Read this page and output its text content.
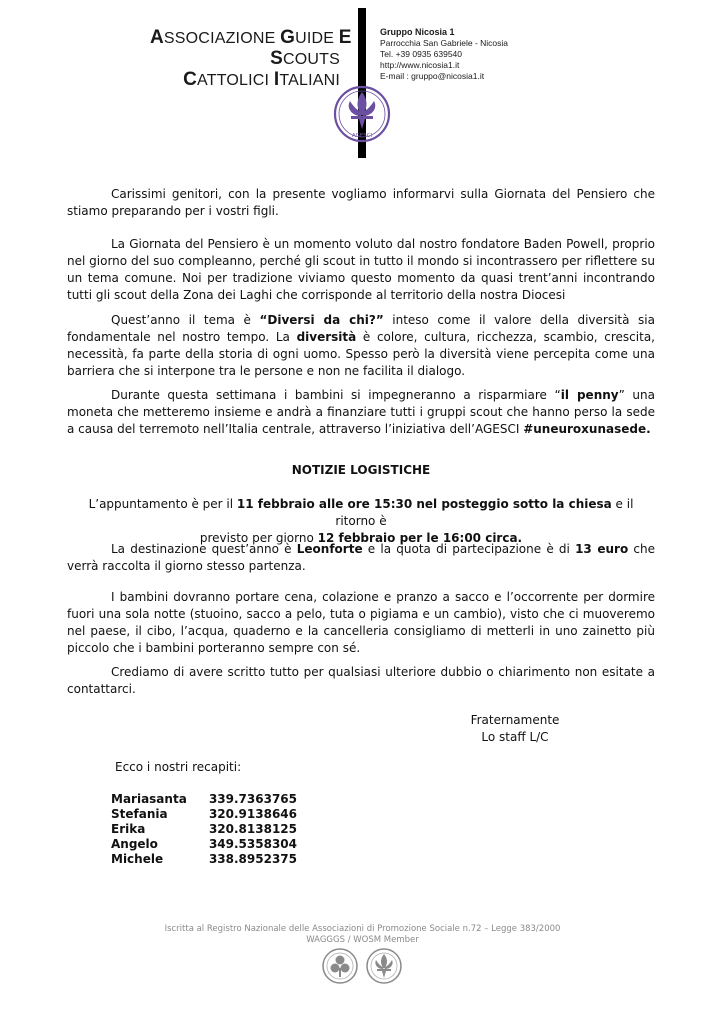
ASSOCIAZIONE GUIDE E
SCOUTS
CATTOLICI ITALIANI
Gruppo Nicosia 1
Parrocchia San Gabriele - Nicosia
Tel. +39 0935 639540
http://www.nicosia1.it
E-mail : gruppo@nicosia1.it
AGESCI

Carissimi genitori, con la presente vogliamo informarvi sulla Giornata del Pensiero che stiamo preparando per i vostri figli.

La Giornata del Pensiero è un momento voluto dal nostro fondatore Baden Powell, proprio nel giorno del suo compleanno, perché gli scout in tutto il mondo si incontrassero per riflettere su un tema comune. Noi per tradizione viviamo questo momento da quasi trent’anni incontrando tutti gli scout della Zona dei Laghi che corrisponde al territorio della nostra Diocesi

Quest’anno il tema è “Diversi da chi?” inteso come il valore della diversità sia fondamentale nel nostro tempo. La diversità è colore, cultura, ricchezza, scambio, crescita, necessità, fa parte della storia di ogni uomo. Spesso però la diversità viene percepita come una barriera che si interpone tra le persone e non ne facilita il dialogo.

Durante questa settimana i bambini si impegneranno a risparmiare “il penny” una moneta che metteremo insieme e andrà a finanziare tutti i gruppi scout che hanno perso la sede a causa del terremoto nell’Italia centrale, attraverso l’iniziativa dell’AGESCI #uneuroxunasede.

NOTIZIE LOGISTICHE
L’appuntamento è per il 11 febbraio alle ore 15:30 nel posteggio sotto la chiesa e il ritorno è
previsto per giorno 12 febbraio per le 16:00 circa.

La destinazione quest’anno è Leonforte e la quota di partecipazione è di 13 euro che verrà raccolta il giorno stesso partenza.

I bambini dovranno portare cena, colazione e pranzo a sacco e l’occorrente per dormire fuori una sola notte (stuoino, sacco a pelo, tuta o pigiama e un cambio), visto che ci muoveremo nel paese, il cibo, l’acqua, quaderno e la cancelleria consigliamo di metterli in uno zainetto più piccolo che i bambini porteranno sempre con sé.

Crediamo di avere scritto tutto per qualsiasi ulteriore dubbio o chiarimento non esitate a contattarci.

Fraternamente
Lo staff L/C
Ecco i nostri recapiti:
Mariasanta	339.7363765
Stefania	320.9138646
Erika	320.8138125
Angelo	349.5358304
Michele	338.8952375
Iscritta al Registro Nazionale delle Associazioni di Promozione Sociale n.72 – Legge 383/2000
WAGGGS / WOSM Member
